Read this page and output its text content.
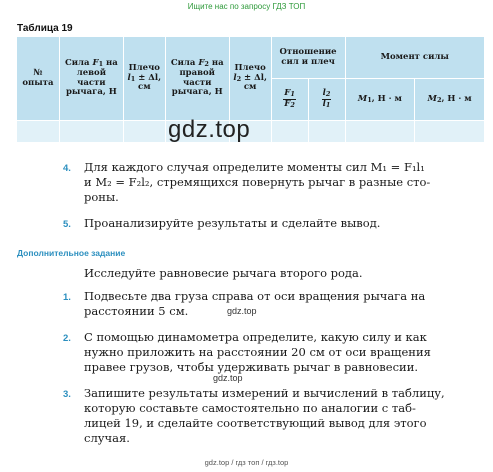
Ищите нас по запросу ГДЗ ТОП
Таблица 19
№ опыта	Сила F1 на левой части рычага, Н	Плечо l1 ± Δl, см	Сила F2 на правой части рычага, Н	Плечо l2 ± Δl, см	Отношение сил и плеч		Момент силы	

					$\frac{F1}{F2}$	$\frac{l2}{l1}$	M1, Н · м	M2, Н · м

gdz.top
4. Для каждого случая определите моменты сил M₁ = F₁l₁
и M₂ = F₂l₂, стремящихся повернуть рычаг в разные сто-
роны.
5. Проанализируйте результаты и сделайте вывод.
Дополнительное задание
Исследуйте равновесие рычага второго рода.
1. Подвесьте два груза справа от оси вращения рычага на
расстоянии 5 см.	gdz.top
2. С помощью динамометра определите, какую силу и как
нужно приложить на расстоянии 20 см от оси вращения
правее грузов, чтобы удерживать рычаг в равновесии.
gdz.top
3. Запишите результаты измерений и вычислений в таблицу,
которую составьте самостоятельно по аналогии с таб-
лицей 19, и сделайте соответствующий вывод для этого
случая.
gdz.top / гдз топ / гдз.top
